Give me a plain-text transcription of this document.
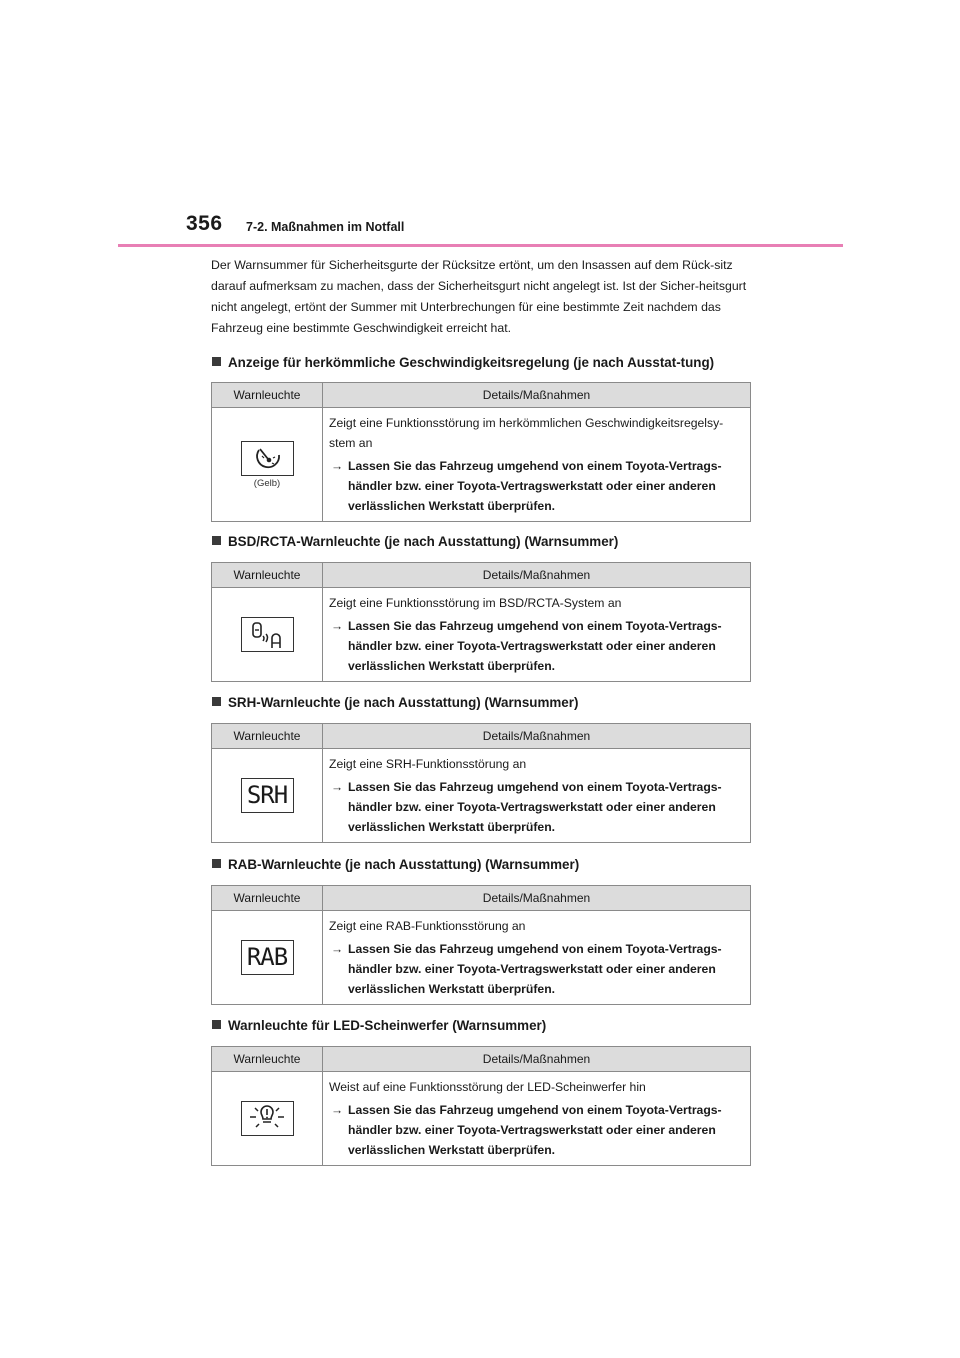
356 7-2. Maßnahmen im Notfall

Der Warnsummer für Sicherheitsgurte der Rücksitze ertönt, um den Insassen auf dem Rück-sitz darauf aufmerksam zu machen, dass der Sicherheitsgurt nicht angelegt ist. Ist der Sicher-heitsgurt nicht angelegt, ertönt der Summer mit Unterbrechungen für eine bestimmte Zeit nachdem das Fahrzeug eine bestimmte Geschwindigkeit erreicht hat.

Anzeige für herkömmliche Geschwindigkeitsregelung (je nach Ausstat-tung)

Warnleuchte	Details/Maßnahmen

(Gelb)	Zeigt eine Funktionsstörung im herkömmlichen Geschwindigkeitsregelsy-stem an
→ Lassen Sie das Fahrzeug umgehend von einem Toyota-Vertrags-händler bzw. einer Toyota-Vertragswerkstatt oder einer anderen verlässlichen Werkstatt überprüfen.

BSD/RCTA-Warnleuchte (je nach Ausstattung) (Warnsummer)

Warnleuchte	Details/Maßnahmen

Zeigt eine Funktionsstörung im BSD/RCTA-System an
→ Lassen Sie das Fahrzeug umgehend von einem Toyota-Vertrags-händler bzw. einer Toyota-Vertragswerkstatt oder einer anderen verlässlichen Werkstatt überprüfen.

SRH-Warnleuchte (je nach Ausstattung) (Warnsummer)

Warnleuchte	Details/Maßnahmen
SRH	Zeigt eine SRH-Funktionsstörung an
→ Lassen Sie das Fahrzeug umgehend von einem Toyota-Vertrags-händler bzw. einer Toyota-Vertragswerkstatt oder einer anderen verlässlichen Werkstatt überprüfen.

RAB-Warnleuchte (je nach Ausstattung) (Warnsummer)

Warnleuchte	Details/Maßnahmen
RAB	Zeigt eine RAB-Funktionsstörung an
→ Lassen Sie das Fahrzeug umgehend von einem Toyota-Vertrags-händler bzw. einer Toyota-Vertragswerkstatt oder einer anderen verlässlichen Werkstatt überprüfen.

Warnleuchte für LED-Scheinwerfer (Warnsummer)

Warnleuchte	Details/Maßnahmen

Weist auf eine Funktionsstörung der LED-Scheinwerfer hin
→ Lassen Sie das Fahrzeug umgehend von einem Toyota-Vertrags-händler bzw. einer Toyota-Vertragswerkstatt oder einer anderen verlässlichen Werkstatt überprüfen.
